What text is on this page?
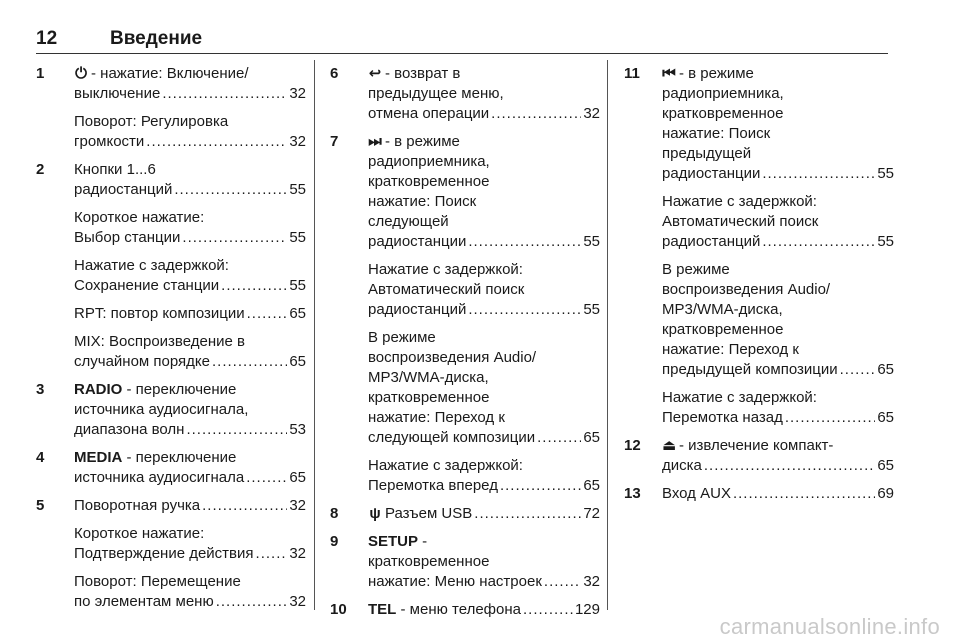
12	Введение
1 ⏻ - нажатие: Включение/
выключение .....	32
Поворот: Регулировка
громкости .....	32
2 Кнопки 1...6
радиостанций .....	55
Короткое нажатие:
Выбор станции .....	55
Нажатие с задержкой:
Сохранение станции .....	55
RPT: повтор композиции .....	65
MIX: Воспроизведение в
случайном порядке .....	65
3 RADIO - переключение
источника аудиосигнала,
диапазона волн .....	53
4 MEDIA - переключение
источника аудиосигнала .....	65
5 Поворотная ручка .....	32
Короткое нажатие:
Подтверждение действия ..... 32
Поворот: Перемещение
по элементам меню .....	32
6 ↩ - возврат в
предыдущее меню,
отмена операции .....	32
7 ⏭ - в режиме
радиоприемника,
кратковременное
нажатие: Поиск
следующей
радиостанции .....	55
Нажатие с задержкой:
Автоматический поиск
радиостанций .....	55
В режиме
воспроизведения Audio/
MP3/WMA-диска,
кратковременное
нажатие: Переход к
следующей композиции .....	65
Нажатие с задержкой:
Перемотка вперед .....	65
8 ψ Разъем USB .....	72
9 SETUP -
кратковременное
нажатие: Меню настроек .....	32
10 TEL - меню телефона .....	129
11 ⏮ - в режиме
радиоприемника,
кратковременное
нажатие: Поиск
предыдущей
радиостанции .....	55
Нажатие с задержкой:
Автоматический поиск
радиостанций .....	55
В режиме
воспроизведения Audio/
MP3/WMA-диска,
кратковременное
нажатие: Переход к
предыдущей композиции .....	65
Нажатие с задержкой:
Перемотка назад .....	65
12 ⏏ - извлечение компакт-
диска .....	65
13 Вход AUX .....	69
carmanualsonline.info
